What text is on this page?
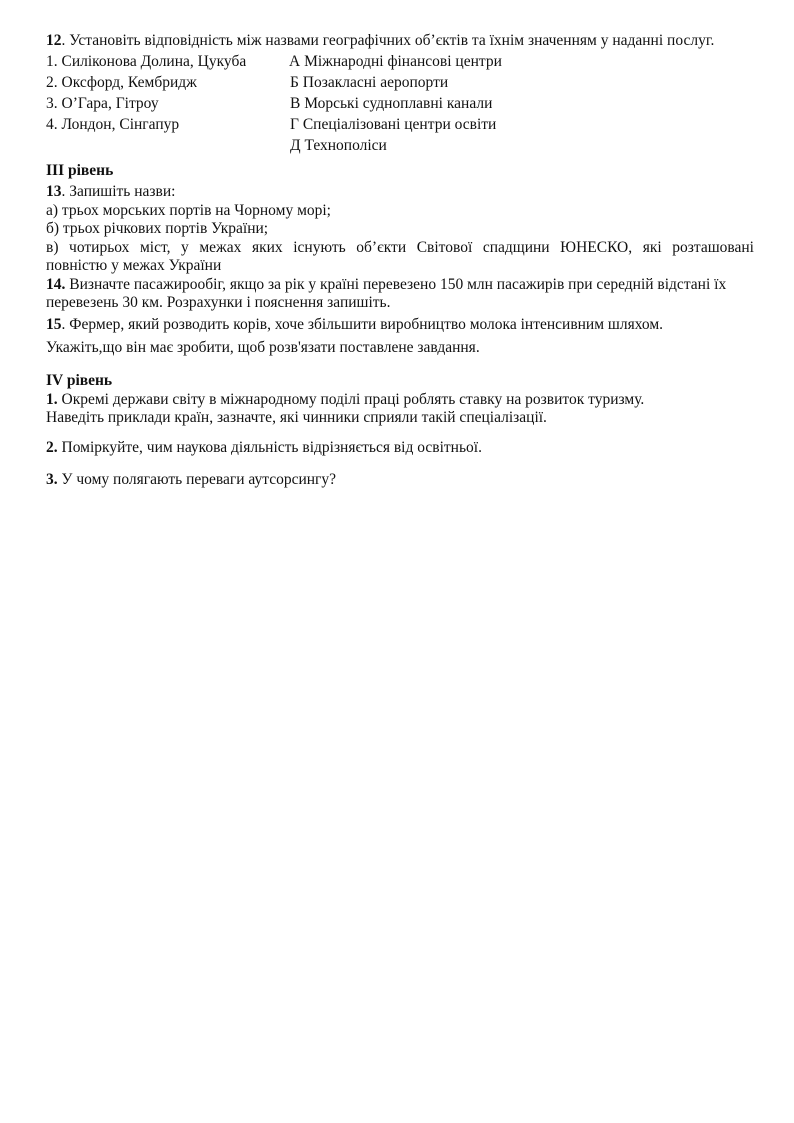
12. Установіть відповідність між назвами географічних об’єктів та їхнім значенням у наданні послуг.
1. Силіконова Долина, Цукуба	А Міжнародні фінансові центри
2. Оксфорд, Кембридж	Б Позакласні аеропорти
3. О’Гара, Гітроу	В Морські судноплавні канали
4. Лондон, Сінгапур	Г Спеціалізовані центри освіти
Д Технополіси
ІІІ рівень
13. Запишіть назви:
а) трьох морських портів на Чорному морі;
б) трьох річкових портів України;
в) чотирьох міст, у межах яких існують об’єкти Світової спадщини ЮНЕСКО, які розташовані
повністю у межах України
14. Визначте пасажирообіг, якщо за рік у країні перевезено 150 млн пасажирів при середній відстані їх
перевезень 30 км. Розрахунки і пояснення запишіть.
15. Фермер, який розводить корів, хоче збільшити виробництво молока інтенсивним шляхом.
Укажіть,що він має зробити, щоб розв'язати поставлене завдання.
IV рівень
1. Окремі держави світу в міжнародному поділі праці роблять ставку на розвиток туризму.
Наведіть приклади країн, зазначте, які чинники сприяли такій спеціалізації.
2. Поміркуйте, чим наукова діяльність відрізняється від освітньої.
3. У чому полягають переваги аутсорсингу?
